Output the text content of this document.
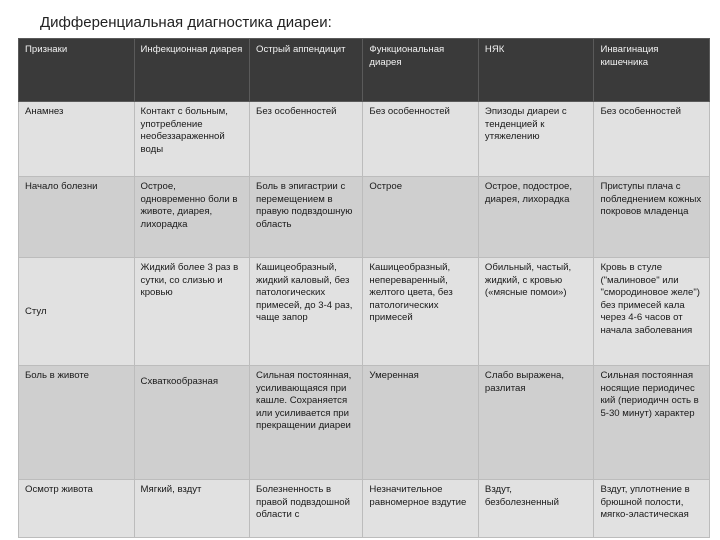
Дифференциальная диагностика диареи:
Признаки	Инфекционная диарея	Острый аппендицит	Функциональная диарея	НЯК	Инвагинация кишечника
Анамнез	Контакт с больным, употребление необеззараженной воды	Без особенностей	Без особенностей	Эпизоды диареи с тенденцией к утяжелению	Без особенностей
Начало болезни	Острое, одновременно боли в животе, диарея, лихорадка	Боль в эпигастрии с перемещением в правую подвздошную область	Острое	Острое, подострое, диарея, лихорадка	Приступы плача с побледнением кожных покровов младенца
Стул	Жидкий более 3 раз в сутки, со слизью и кровью	Кашицеобразный, жидкий каловый, без патологических примесей, до 3-4 раз, чаще запор	Кашицеобразный, непереваренный, желтого цвета, без патологических примесей	Обильный, частый, жидкий, с кровью («мясные помои»)	Кровь в стуле ("малиновое" или "смородиновое желе") без примесей кала через 4-6 часов от начала заболевания
Боль в животе	Схваткообразная	Сильная постоянная, усиливающаяся при кашле. Сохраняется или усиливается при прекращении диареи	Умеренная	Слабо выражена, разлитая	Сильная постоянная носящие периодичес кий (периодичн ость в 5-30 минут) характер
Осмотр живота	Мягкий, вздут	Болезненность в правой подвздошной области с	Незначительное равномерное вздутие	Вздут, безболезненный	Вздут, уплотнение в брюшной полости, мягко-эластическая
